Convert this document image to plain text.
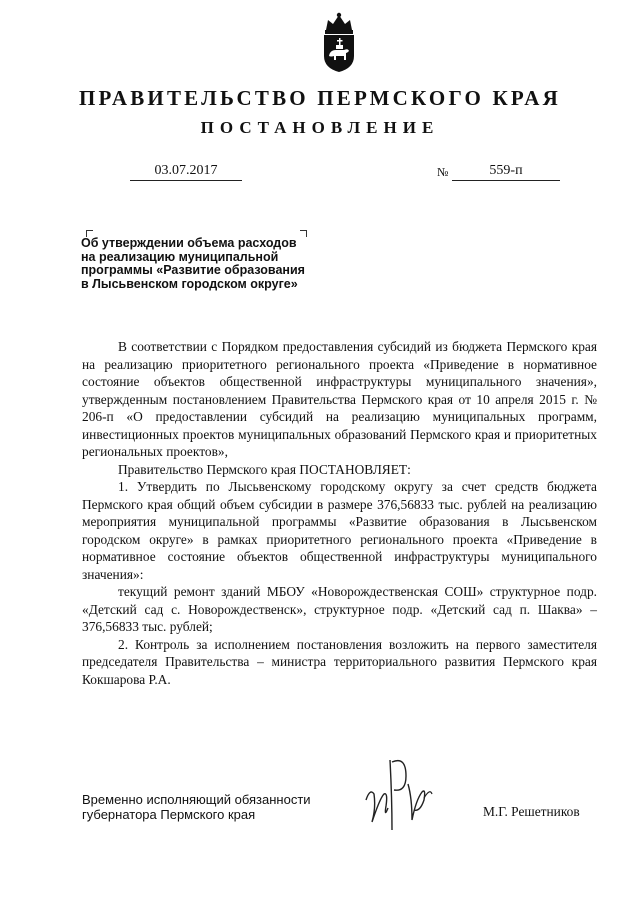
ПРАВИТЕЛЬСТВО ПЕРМСКОГО КРАЯ
ПОСТАНОВЛЕНИЕ
03.07.2017	№	559-п
Об утверждении объема расходов на реализацию муниципальной программы «Развитие образования в Лысьвенском городском округе»

В соответствии с Порядком предоставления субсидий из бюджета Пермского края на реализацию приоритетного регионального проекта «Приведение в нормативное состояние объектов общественной инфраструктуры муниципального значения», утвержденным постановлением Правительства Пермского края от 10 апреля 2015 г. № 206-п «О предоставлении субсидий на реализацию муниципальных программ, инвестиционных проектов муниципальных образований Пермского края и приоритетных региональных проектов»,

Правительство Пермского края ПОСТАНОВЛЯЕТ:

1. Утвердить по Лысьвенскому городскому округу за счет средств бюджета Пермского края общий объем субсидии в размере 376,56833 тыс. рублей на реализацию мероприятия муниципальной программы «Развитие образования в Лысьвенском городском округе» в рамках приоритетного регионального проекта «Приведение в нормативное состояние объектов общественной инфраструктуры муниципального значения»:

текущий ремонт зданий МБОУ «Новорождественская СОШ» структурное подр. «Детский сад с. Новорождественск», структурное подр. «Детский сад п. Шаква» – 376,56833 тыс. рублей;

2. Контроль за исполнением постановления возложить на первого заместителя председателя Правительства – министра территориального развития Пермского края Кокшарова Р.А.

Временно исполняющий обязанности
губернатора Пермского края	М.Г. Решетников
